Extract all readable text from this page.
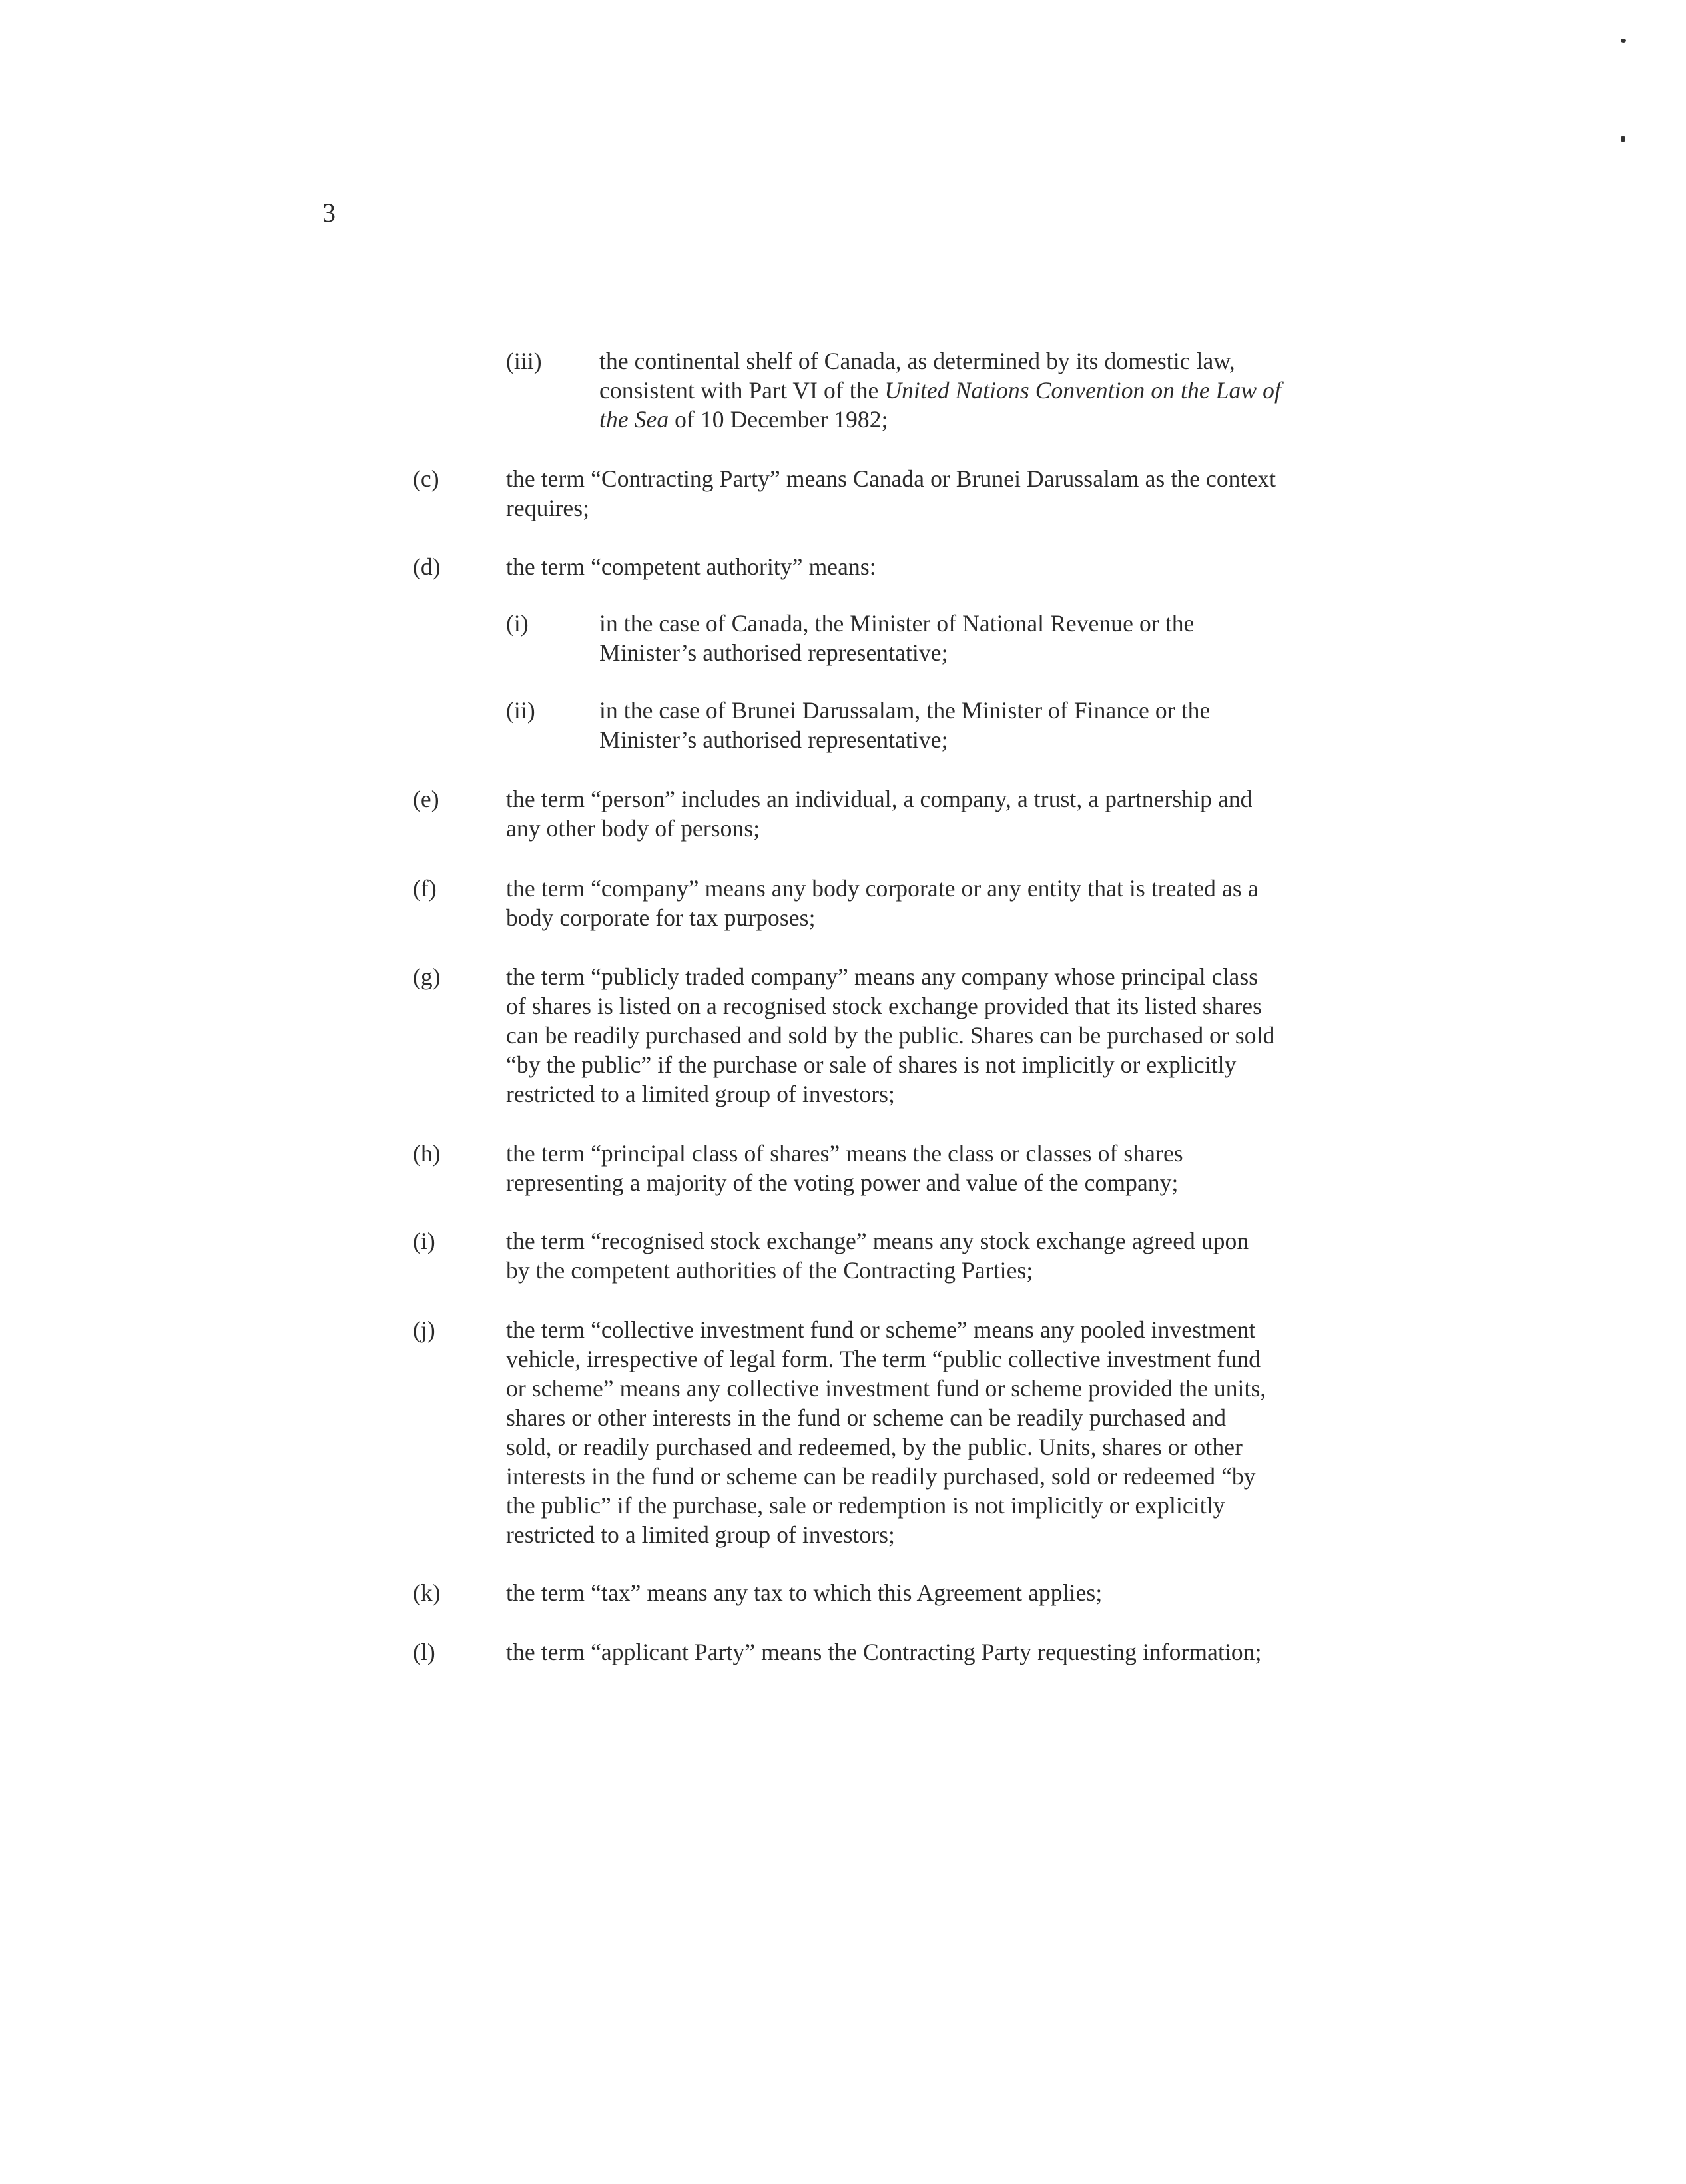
3
(iii) the continental shelf of Canada, as determined by its domestic law,
consistent with Part VI of the United Nations Convention on the Law of
the Sea of 10 December 1982;
(c)	the term “Contracting Party” means Canada or Brunei Darussalam as the context
requires;
(d)	the term “competent authority” means:
(i)	in the case of Canada, the Minister of National Revenue or the
Minister’s authorised representative;
(ii)	in the case of Brunei Darussalam, the Minister of Finance or the
Minister’s authorised representative;
(e)	the term “person” includes an individual, a company, a trust, a partnership and
any other body of persons;
(f)	the term “company” means any body corporate or any entity that is treated as a
body corporate for tax purposes;
(g)	the term “publicly traded company” means any company whose principal class
of shares is listed on a recognised stock exchange provided that its listed shares
can be readily purchased and sold by the public. Shares can be purchased or sold
“by the public” if the purchase or sale of shares is not implicitly or explicitly
restricted to a limited group of investors;
(h)	the term “principal class of shares” means the class or classes of shares
representing a majority of the voting power and value of the company;
(i)	the term “recognised stock exchange” means any stock exchange agreed upon
by the competent authorities of the Contracting Parties;
(j)	the term “collective investment fund or scheme” means any pooled investment
vehicle, irrespective of legal form. The term “public collective investment fund
or scheme” means any collective investment fund or scheme provided the units,
shares or other interests in the fund or scheme can be readily purchased and
sold, or readily purchased and redeemed, by the public. Units, shares or other
interests in the fund or scheme can be readily purchased, sold or redeemed “by
the public” if the purchase, sale or redemption is not implicitly or explicitly
restricted to a limited group of investors;
(k)	the term “tax” means any tax to which this Agreement applies;
(l)	the term “applicant Party” means the Contracting Party requesting information;
